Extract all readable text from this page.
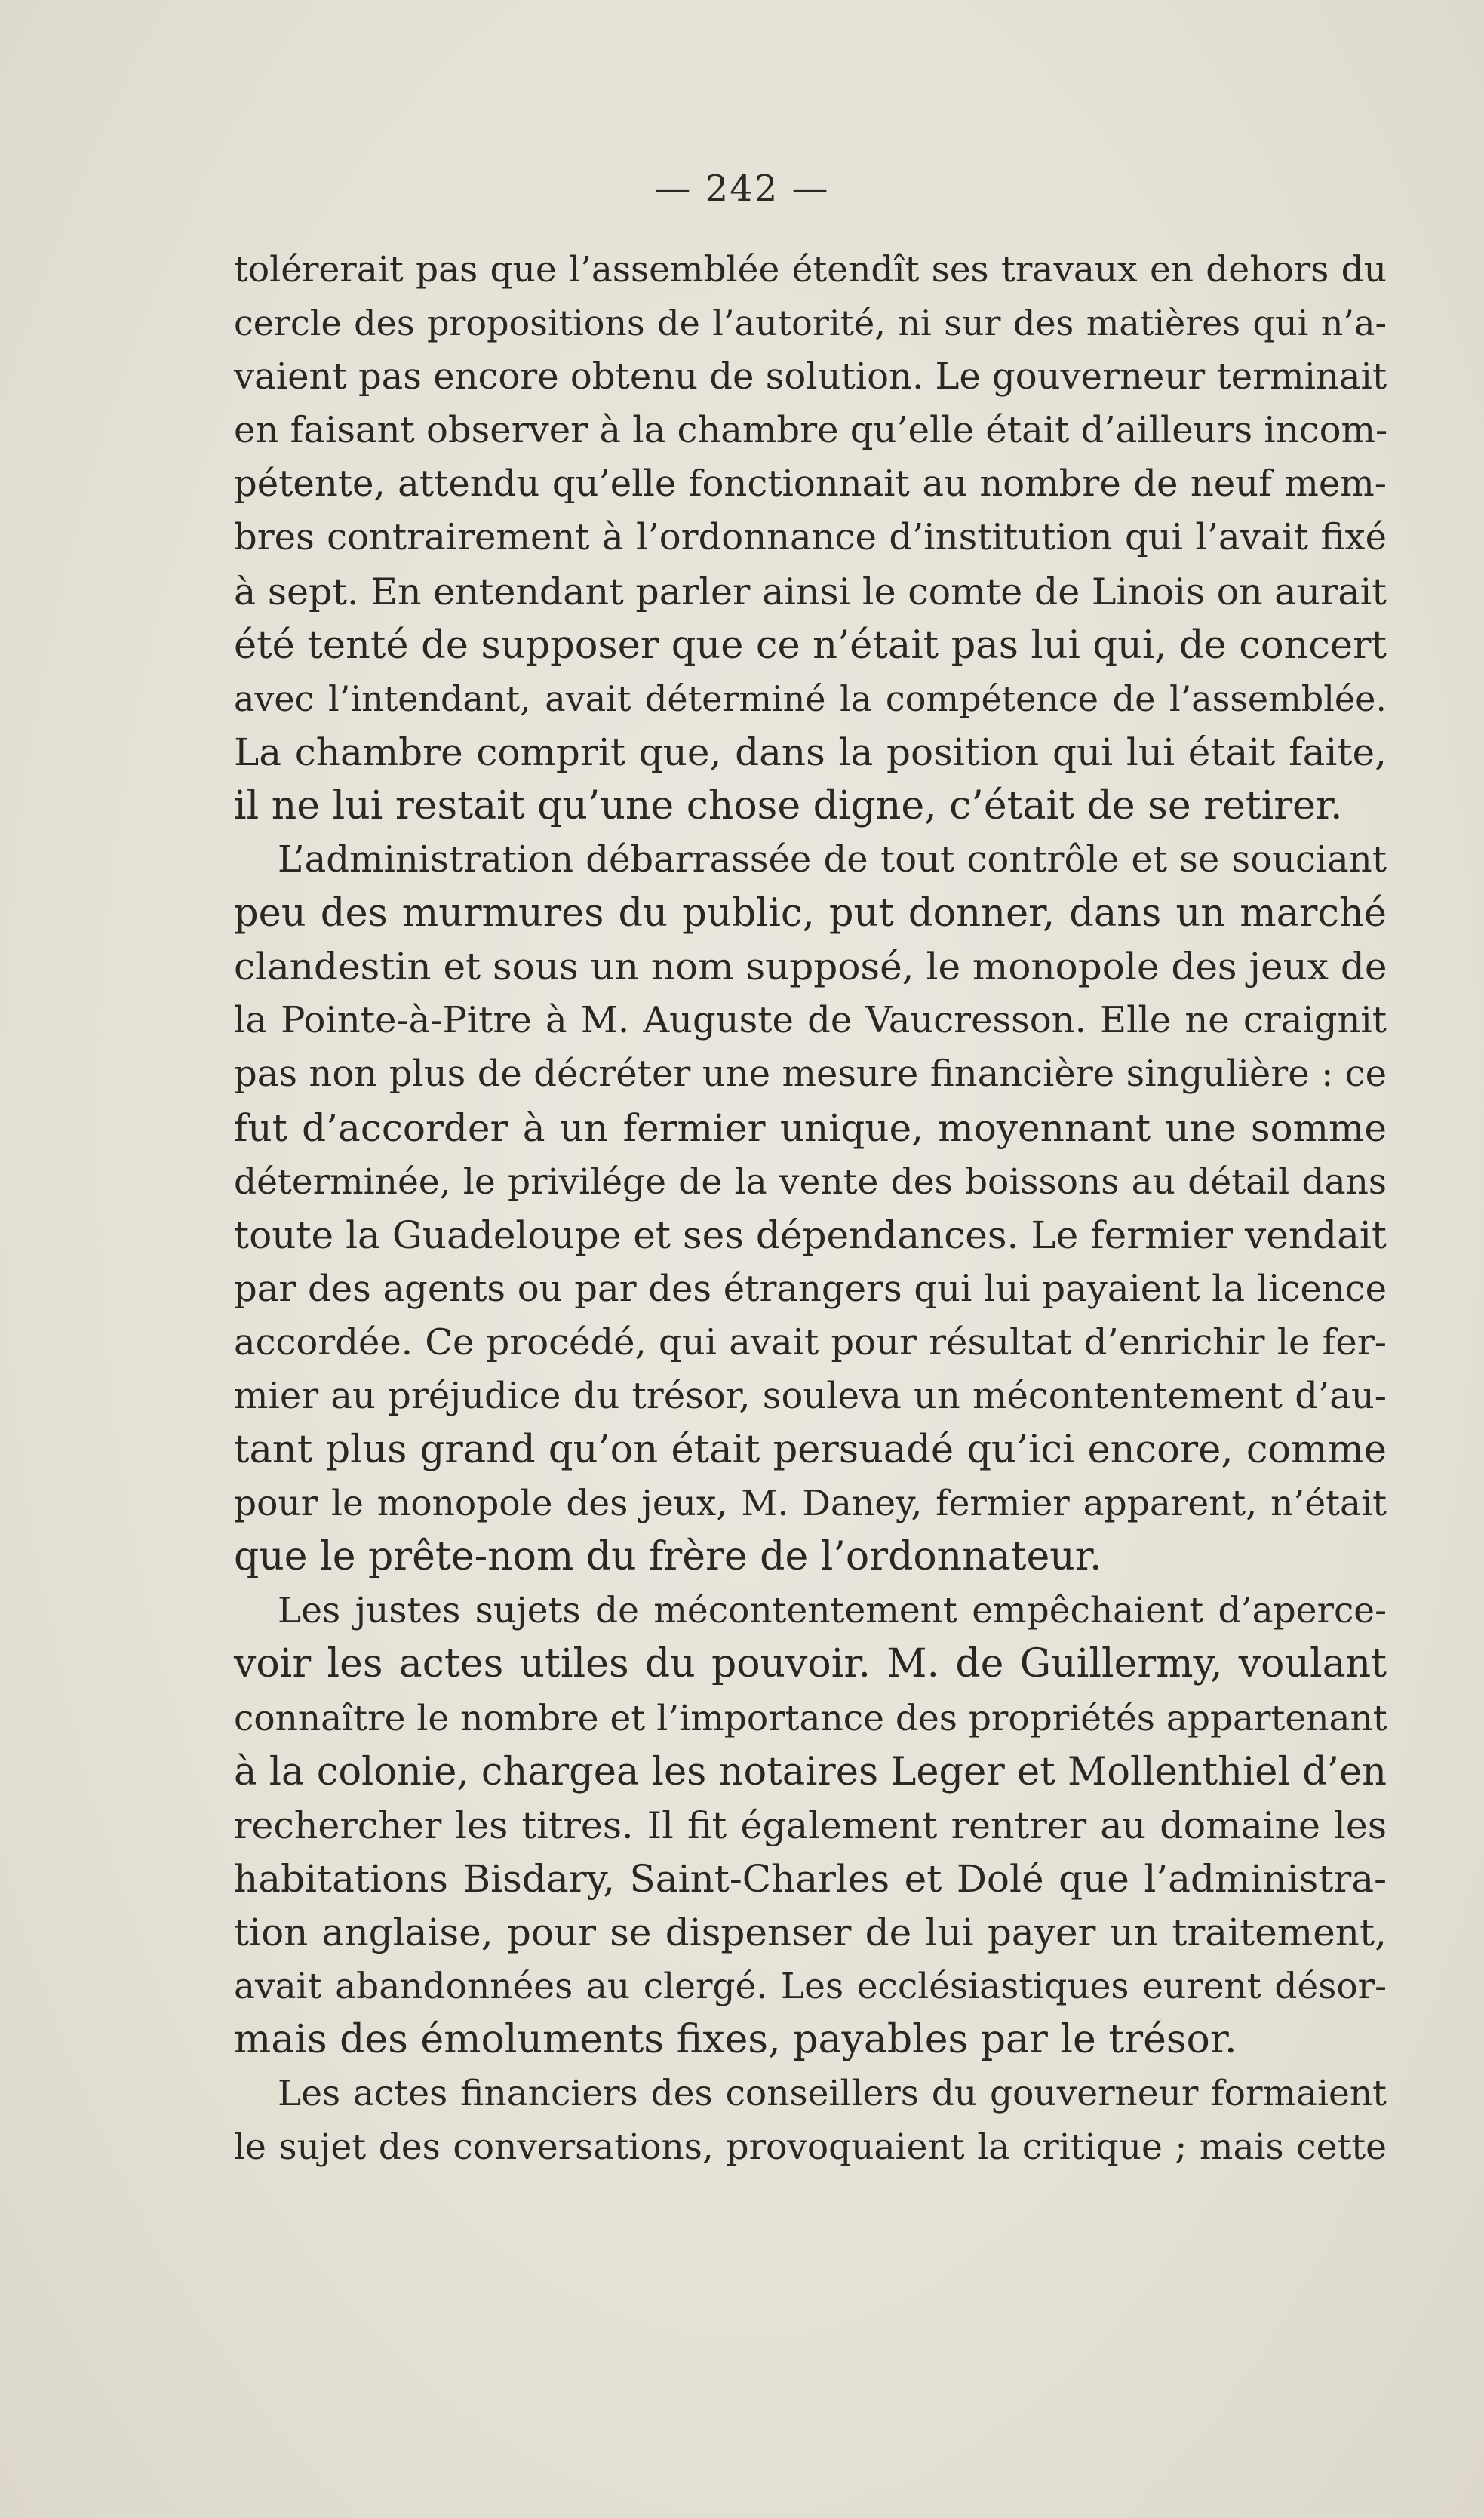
— 242 —
tolérerait pas que l’assemblée étendît ses travaux en dehors du
cercle des propositions de l’autorité, ni sur des matières qui n’a-
vaient pas encore obtenu de solution. Le gouverneur terminait
en faisant observer à la chambre qu’elle était d’ailleurs incom-
pétente, attendu qu’elle fonctionnait au nombre de neuf mem-
bres contrairement à l’ordonnance d’institution qui l’avait fixé
à sept. En entendant parler ainsi le comte de Linois on aurait
été tenté de supposer que ce n’était pas lui qui, de concert
avec l’intendant, avait déterminé la compétence de l’assemblée.
La chambre comprit que, dans la position qui lui était faite,
il ne lui restait qu’une chose digne, c’était de se retirer.
L’administration débarrassée de tout contrôle et se souciant
peu des murmures du public, put donner, dans un marché
clandestin et sous un nom supposé, le monopole des jeux de
la Pointe-à-Pitre à M. Auguste de Vaucresson. Elle ne craignit
pas non plus de décréter une mesure financière singulière : ce
fut d’accorder à un fermier unique, moyennant une somme
déterminée, le privilége de la vente des boissons au détail dans
toute la Guadeloupe et ses dépendances. Le fermier vendait
par des agents ou par des étrangers qui lui payaient la licence
accordée. Ce procédé, qui avait pour résultat d’enrichir le fer-
mier au préjudice du trésor, souleva un mécontentement d’au-
tant plus grand qu’on était persuadé qu’ici encore, comme
pour le monopole des jeux, M. Daney, fermier apparent, n’était
que le prête-nom du frère de l’ordonnateur.
Les justes sujets de mécontentement empêchaient d’aperce-
voir les actes utiles du pouvoir. M. de Guillermy, voulant
connaître le nombre et l’importance des propriétés appartenant
à la colonie, chargea les notaires Leger et Mollenthiel d’en
rechercher les titres. Il fit également rentrer au domaine les
habitations Bisdary, Saint-Charles et Dolé que l’administra-
tion anglaise, pour se dispenser de lui payer un traitement,
avait abandonnées au clergé. Les ecclésiastiques eurent désor-
mais des émoluments fixes, payables par le trésor.
Les actes financiers des conseillers du gouverneur formaient
le sujet des conversations, provoquaient la critique ; mais cette
